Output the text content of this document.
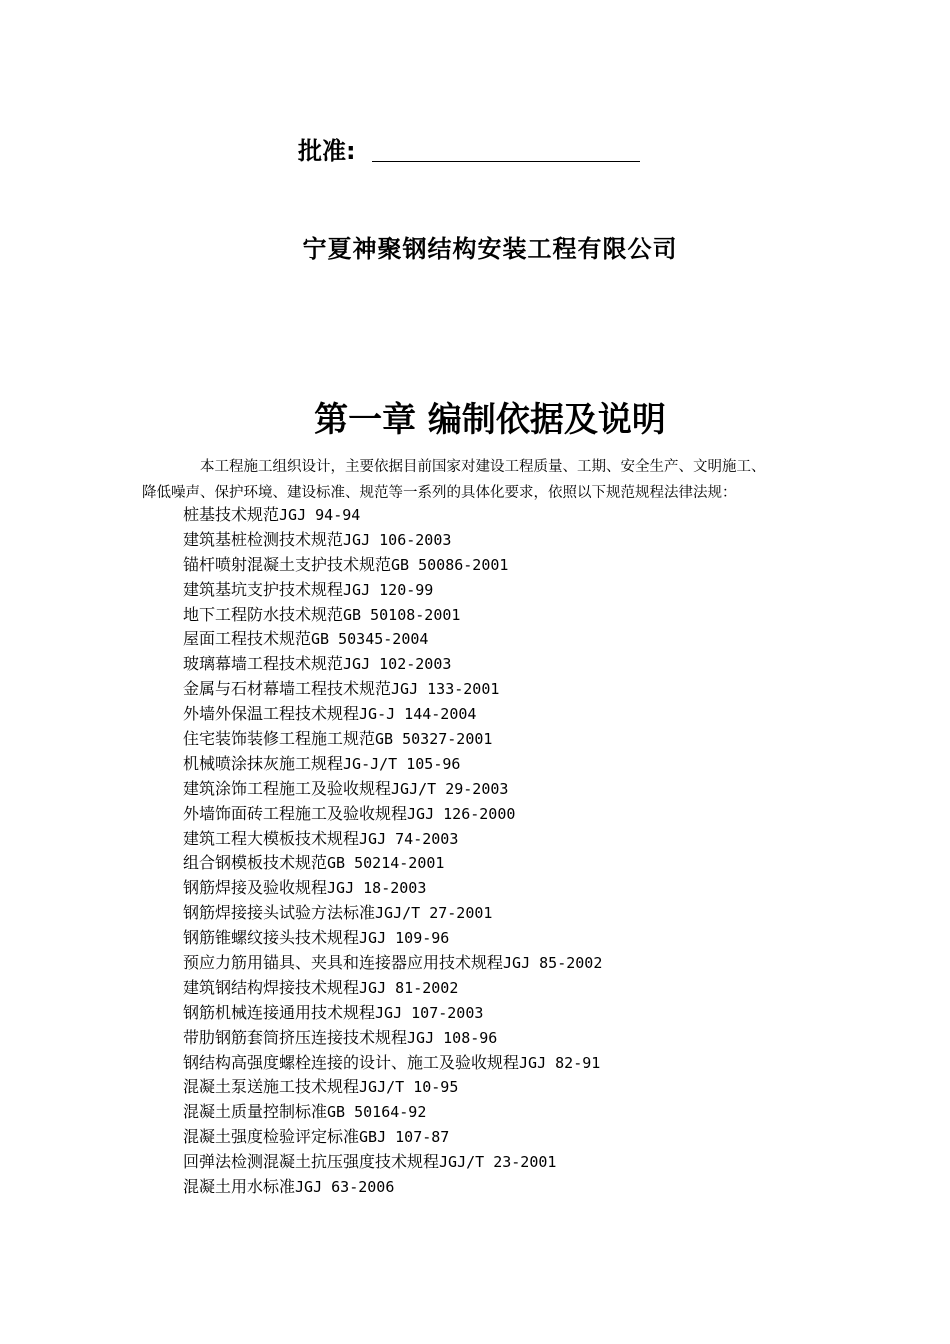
批准:
宁夏神聚钢结构安装工程有限公司
第一章 编制依据及说明
本工程施工组织设计，主要依据目前国家对建设工程质量、工期、安全生产、文明施工、
降低噪声、保护环境、建设标准、规范等一系列的具体化要求，依照以下规范规程法律法规：
桩基技术规范JGJ 94-94
建筑基桩检测技术规范JGJ 106-2003
锚杆喷射混凝土支护技术规范GB 50086-2001
建筑基坑支护技术规程JGJ 120-99
地下工程防水技术规范GB 50108-2001
屋面工程技术规范GB 50345-2004
玻璃幕墙工程技术规范JGJ 102-2003
金属与石材幕墙工程技术规范JGJ 133-2001
外墙外保温工程技术规程JG-J 144-2004
住宅装饰装修工程施工规范GB 50327-2001
机械喷涂抹灰施工规程JG-J/T 105-96
建筑涂饰工程施工及验收规程JGJ/T 29-2003
外墙饰面砖工程施工及验收规程JGJ 126-2000
建筑工程大模板技术规程JGJ 74-2003
组合钢模板技术规范GB 50214-2001
钢筋焊接及验收规程JGJ 18-2003
钢筋焊接接头试验方法标准JGJ/T 27-2001
钢筋锥螺纹接头技术规程JGJ 109-96
预应力筋用锚具、夹具和连接器应用技术规程JGJ 85-2002
建筑钢结构焊接技术规程JGJ 81-2002
钢筋机械连接通用技术规程JGJ 107-2003
带肋钢筋套筒挤压连接技术规程JGJ 108-96
钢结构高强度螺栓连接的设计、施工及验收规程JGJ 82-91
混凝土泵送施工技术规程JGJ/T 10-95
混凝土质量控制标准GB 50164-92
混凝土强度检验评定标准GBJ 107-87
回弹法检测混凝土抗压强度技术规程JGJ/T 23-2001
混凝土用水标准JGJ 63-2006
